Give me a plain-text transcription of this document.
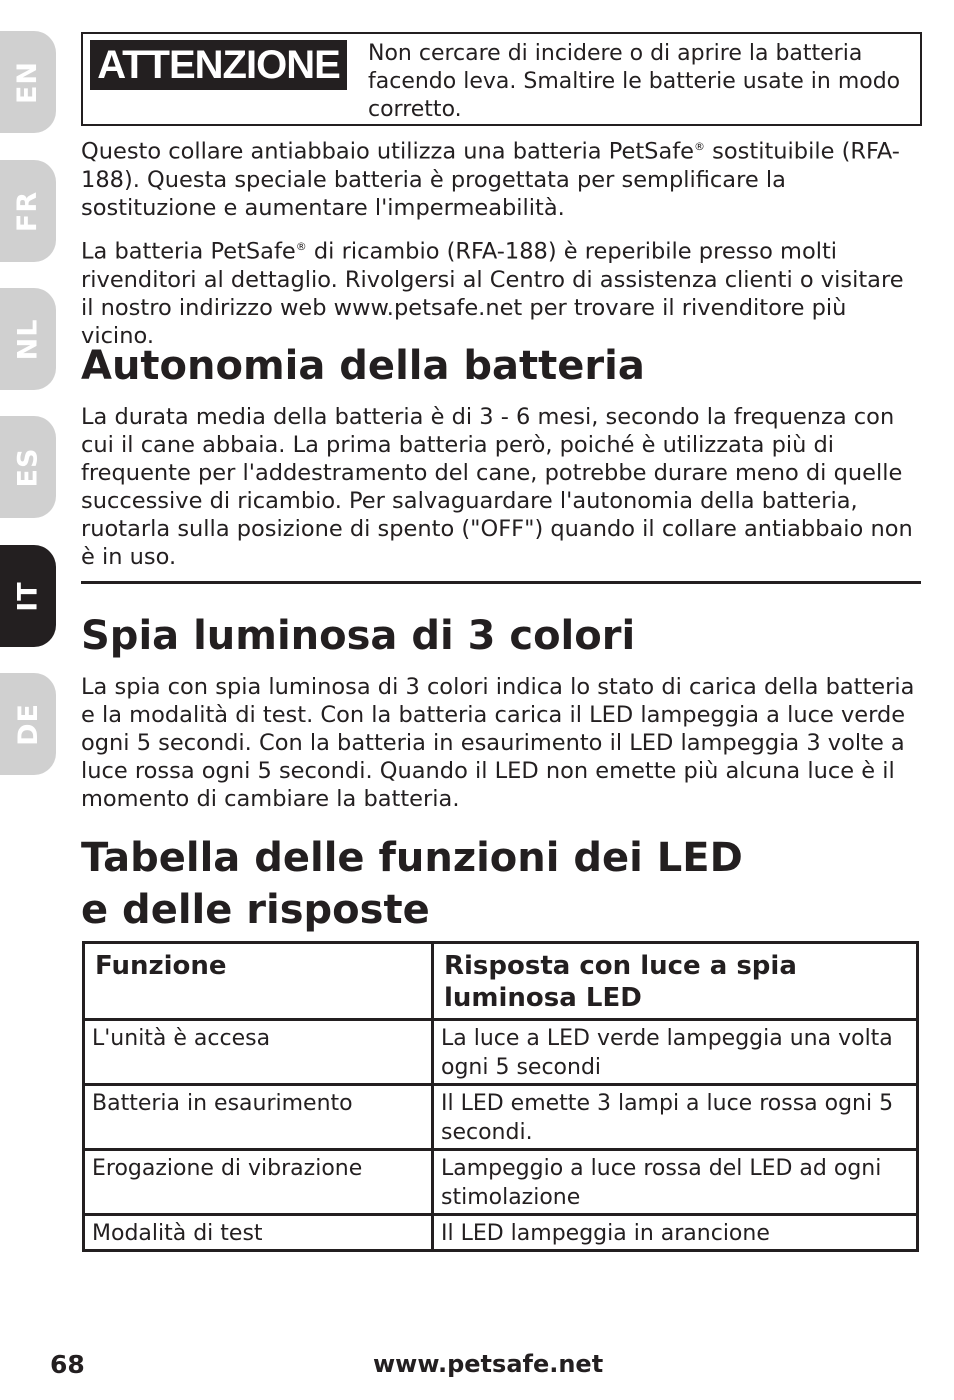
EN
FR
NL
ES
IT
DE
ATTENZIONE	Non cercare di incidere o di aprire la batteria facendo leva. Smaltire le batterie usate in modo corretto.
Questo collare antiabbaio utilizza una batteria PetSafe® sostituibile (RFA-188). Questa speciale batteria è progettata per semplificare la sostituzione e aumentare l'impermeabilità.
La batteria PetSafe® di ricambio (RFA-188) è reperibile presso molti rivenditori al dettaglio. Rivolgersi al Centro di assistenza clienti o visitare il nostro indirizzo web www.petsafe.net per trovare il rivenditore più vicino.
Autonomia della batteria
La durata media della batteria è di 3 - 6 mesi, secondo la frequenza con cui il cane abbaia. La prima batteria però, poiché è utilizzata più di frequente per l'addestramento del cane, potrebbe durare meno di quelle successive di ricambio. Per salvaguardare l'autonomia della batteria, ruotarla sulla posizione di spento ("OFF") quando il collare antiabbaio non è in uso.
Spia luminosa di 3 colori
La spia con spia luminosa di 3 colori indica lo stato di carica della batteria e la modalità di test. Con la batteria carica il LED lampeggia a luce verde ogni 5 secondi. Con la batteria in esaurimento il LED lampeggia 3 volte a luce rossa ogni 5 secondi. Quando il LED non emette più alcuna luce è il momento di cambiare la batteria.
Tabella delle funzioni dei LED
e delle risposte
Funzione	Risposta con luce a spia luminosa LED
L'unità è accesa	La luce a LED verde lampeggia una volta ogni 5 secondi
Batteria in esaurimento	Il LED emette 3 lampi a luce rossa ogni 5 secondi.
Erogazione di vibrazione	Lampeggio a luce rossa del LED ad ogni stimolazione
Modalità di test	Il LED lampeggia in arancione
68	www.petsafe.net
